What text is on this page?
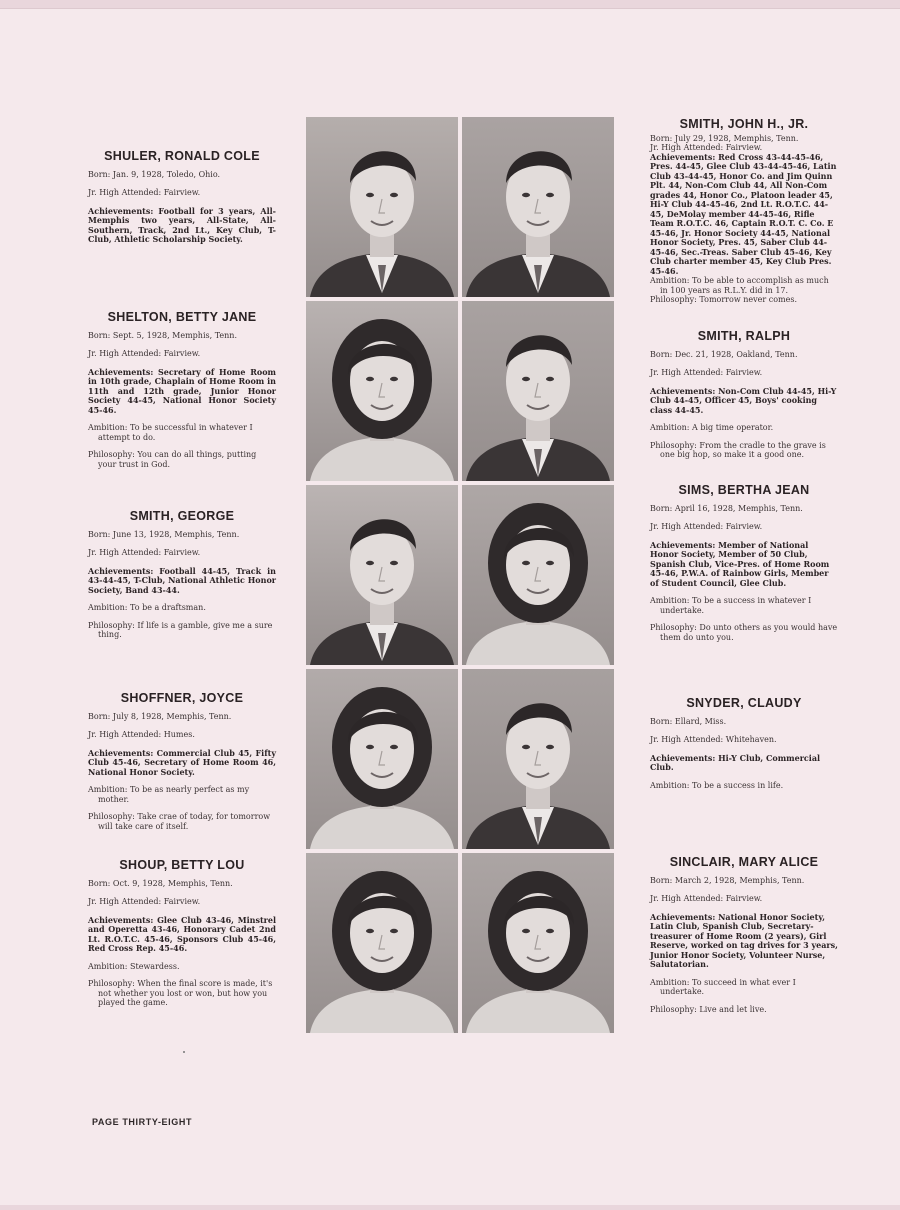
SHULER, RONALD COLE
Born: Jan. 9, 1928, Toledo, Ohio.
Jr. High Attended: Fairview.
Achievements: Football for 3 years, All-Memphis two years, All-State, All-Southern, Track, 2nd Lt., Key Club, T-Club, Athletic Scholarship Society.
SHELTON, BETTY JANE
Born: Sept. 5, 1928, Memphis, Tenn.
Jr. High Attended: Fairview.
Achievements: Secretary of Home Room in 10th grade, Chaplain of Home Room in 11th and 12th grade, Junior Honor Society 44-45, National Honor Society 45-46.
Ambition: To be successful in whatever I attempt to do.
Philosophy: You can do all things, putting your trust in God.
SMITH, GEORGE
Born: June 13, 1928, Memphis, Tenn.
Jr. High Attended: Fairview.
Achievements: Football 44-45, Track in 43-44-45, T-Club, National Athletic Honor Society, Band 43-44.
Ambition: To be a draftsman.
Philosophy: If life is a gamble, give me a sure thing.
SHOFFNER, JOYCE
Born: July 8, 1928, Memphis, Tenn.
Jr. High Attended: Humes.
Achievements: Commercial Club 45, Fifty Club 45-46, Secretary of Home Room 46, National Honor Society.
Ambition: To be as nearly perfect as my mother.
Philosophy: Take crae of today, for tomorrow will take care of itself.
SHOUP, BETTY LOU
Born: Oct. 9, 1928, Memphis, Tenn.
Jr. High Attended: Fairview.
Achievements: Glee Club 43-46, Minstrel and Operetta 43-46, Honorary Cadet 2nd Lt. R.O.T.C. 45-46, Sponsors Club 45-46, Red Cross Rep. 45-46.
Ambition: Stewardess.
Philosophy: When the final score is made, it's not whether you lost or won, but how you played the game.
SMITH, JOHN H., JR.
Born: July 29, 1928, Memphis, Tenn.
Jr. High Attended: Fairview.
Achievements: Red Cross 43-44-45-46, Pres. 44-45, Glee Club 43-44-45-46, Latin Club 43-44-45, Honor Co. and Jim Quinn Plt. 44, Non-Com Club 44, All Non-Com grades 44, Honor Co., Platoon leader 45, Hi-Y Club 44-45-46, 2nd Lt. R.O.T.C. 44-45, DeMolay member 44-45-46, Rifle Team R.O.T.C. 46, Captain R.O.T. C. Co. E 45-46, Jr. Honor Society 44-45, National Honor Society, Pres. 45, Saber Club 44-45-46, Sec.-Treas. Saber Club 45-46, Key Club charter member 45, Key Club Pres. 45-46.
Ambition: To be able to accomplish as much in 100 years as R.L.Y. did in 17.
Philosophy: Tomorrow never comes.
SMITH, RALPH
Born: Dec. 21, 1928, Oakland, Tenn.
Jr. High Attended: Fairview.
Achievements: Non-Com Club 44-45, Hi-Y Club 44-45, Officer 45, Boys' cooking class 44-45.
Ambition: A big time operator.
Philosophy: From the cradle to the grave is one big hop, so make it a good one.
SIMS, BERTHA JEAN
Born: April 16, 1928, Memphis, Tenn.
Jr. High Attended: Fairview.
Achievements: Member of National Honor Society, Member of 50 Club, Spanish Club, Vice-Pres. of Home Room 45-46, P.W.A. of Rainbow Girls, Member of Student Council, Glee Club.
Ambition: To be a success in whatever I undertake.
Philosophy: Do unto others as you would have them do unto you.
SNYDER, CLAUDY
Born: Ellard, Miss.
Jr. High Attended: Whitehaven.
Achievements: Hi-Y Club, Commercial Club.
Ambition: To be a success in life.
SINCLAIR, MARY ALICE
Born: March 2, 1928, Memphis, Tenn.
Jr. High Attended: Fairview.
Achievements: National Honor Society, Latin Club, Spanish Club, Secretary-treasurer of Home Room (2 years), Girl Reserve, worked on tag drives for 3 years, Junior Honor Society, Volunteer Nurse, Salutatorian.
Ambition: To succeed in what ever I undertake.
Philosophy: Live and let live.
PAGE THIRTY-EIGHT
